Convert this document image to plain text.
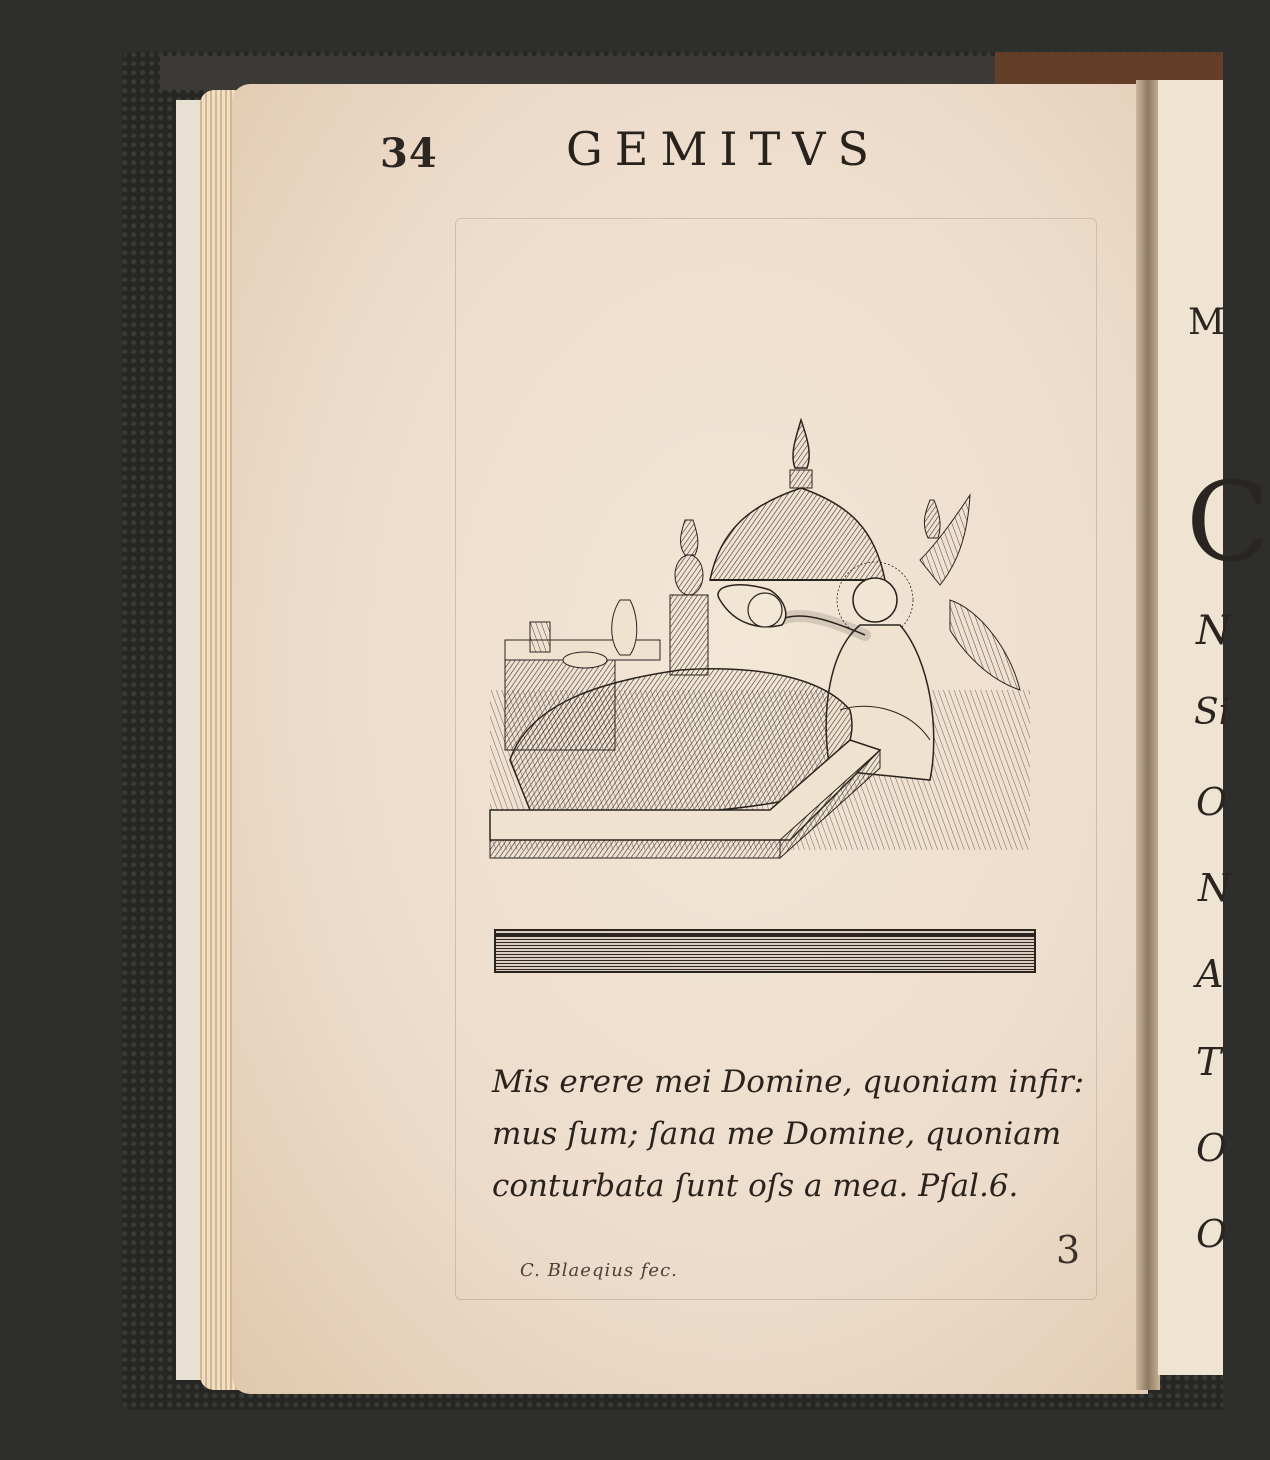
M
C
N
Si
O
N
A
T
O
O
34	GEMITVS
Mis erere mei Domine, quoniam infir:
mus ſum; ſana me Domine, quoniam
conturbata ſunt oſs a mea. Pſal.6.
C. Blaeqius fec.	3
